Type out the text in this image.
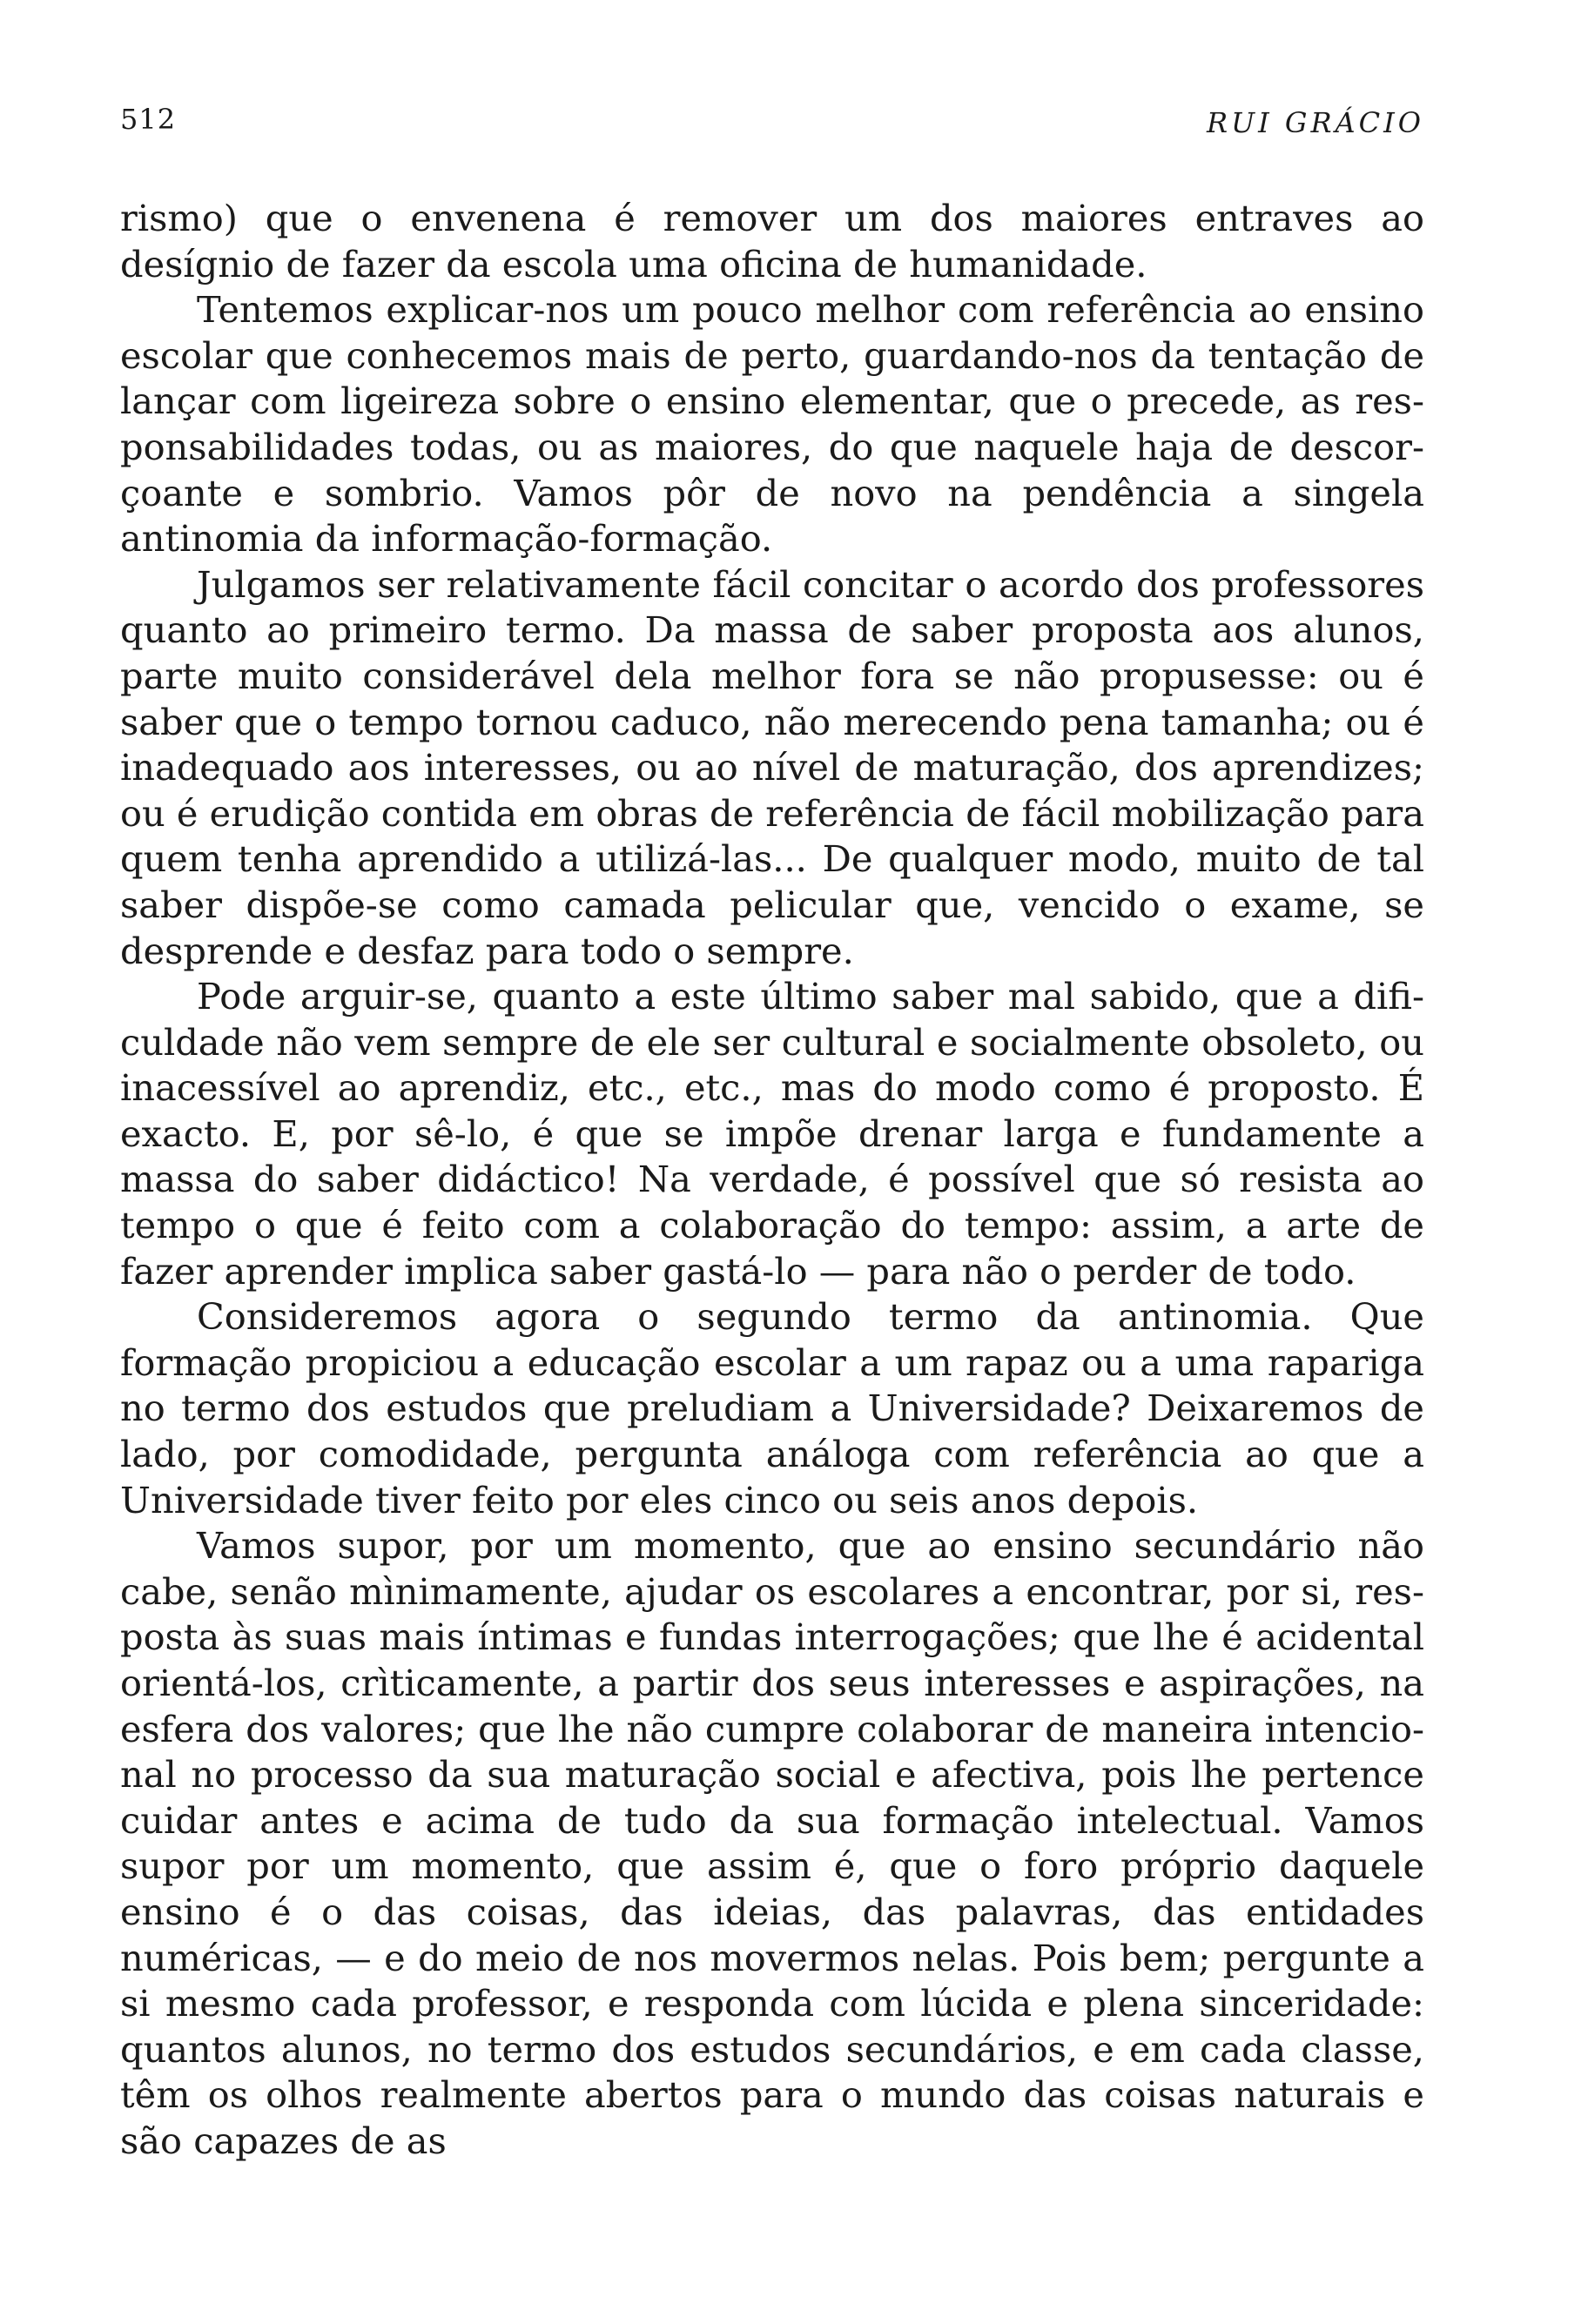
512	RUI GRÁCIO

rismo) que o envenena é remover um dos maiores entraves ao desígnio de fazer da escola uma oficina de humanidade.

Tentemos explicar-nos um pouco melhor com referência ao ensino escolar que conhecemos mais de perto, guardando-nos da tentação de lançar com ligeireza sobre o ensino elementar, que o precede, as responsabilidades todas, ou as maiores, do que naquele haja de descorçoante e sombrio. Vamos pôr de novo na pendência a singela antinomia da informação-formação.

Julgamos ser relativamente fácil concitar o acordo dos professores quanto ao primeiro termo. Da massa de saber proposta aos alunos, parte muito considerável dela melhor fora se não propusesse: ou é saber que o tempo tornou caduco, não merecendo pena tamanha; ou é inadequado aos interesses, ou ao nível de maturação, dos aprendizes; ou é erudição contida em obras de referência de fácil mobilização para quem tenha aprendido a utilizá-las... De qualquer modo, muito de tal saber dispõe-se como camada pelicular que, vencido o exame, se desprende e desfaz para todo o sempre.

Pode arguir-se, quanto a este último saber mal sabido, que a dificuldade não vem sempre de ele ser cultural e socialmente obsoleto, ou inacessível ao aprendiz, etc., etc., mas do modo como é proposto. É exacto. E, por sê-lo, é que se impõe drenar larga e fundamente a massa do saber didáctico! Na verdade, é possível que só resista ao tempo o que é feito com a colaboração do tempo: assim, a arte de fazer aprender implica saber gastá-lo — para não o perder de todo.

Consideremos agora o segundo termo da antinomia. Que formação propiciou a educação escolar a um rapaz ou a uma rapariga no termo dos estudos que preludiam a Universidade? Deixaremos de lado, por comodidade, pergunta análoga com referência ao que a Universidade tiver feito por eles cinco ou seis anos depois.

Vamos supor, por um momento, que ao ensino secundário não cabe, senão mìnimamente, ajudar os escolares a encontrar, por si, resposta às suas mais íntimas e fundas interrogações; que lhe é acidental orientá-los, crìticamente, a partir dos seus interesses e aspirações, na esfera dos valores; que lhe não cumpre colaborar de maneira intencional no processo da sua maturação social e afectiva, pois lhe pertence cuidar antes e acima de tudo da sua formação intelectual. Vamos supor por um momento, que assim é, que o foro próprio daquele ensino é o das coisas, das ideias, das palavras, das entidades numéricas, — e do meio de nos movermos nelas. Pois bem; pergunte a si mesmo cada professor, e responda com lúcida e plena sinceridade: quantos alunos, no termo dos estudos secundários, e em cada classe, têm os olhos realmente abertos para o mundo das coisas naturais e são capazes de as
